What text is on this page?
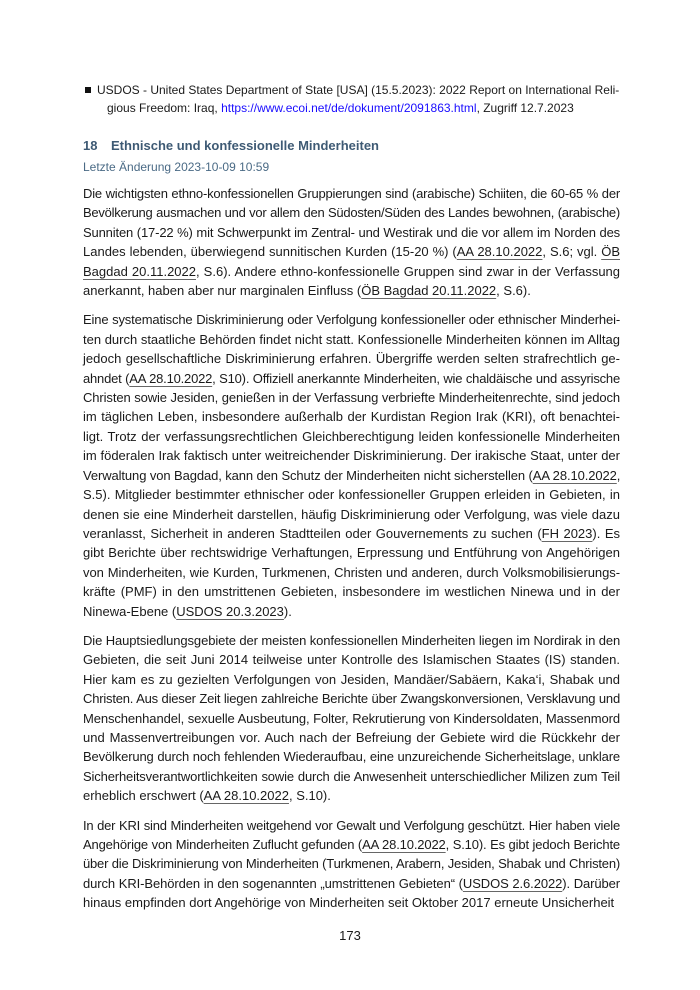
USDOS - United States Department of State [USA] (15.5.2023): 2022 Report on International Reli-
gious Freedom: Iraq, https://www.ecoi.net/de/dokument/2091863.html, Zugriff 12.7.2023
18 Ethnische und konfessionelle Minderheiten
Letzte Änderung 2023-10-09 10:59
Die wichtigsten ethno-konfessionellen Gruppierungen sind (arabische) Schiiten, die 60-65 % der
Bevölkerung ausmachen und vor allem den Südosten/Süden des Landes bewohnen, (arabische)
Sunniten (17-22 %) mit Schwerpunkt im Zentral- und Westirak und die vor allem im Norden des
Landes lebenden, überwiegend sunnitischen Kurden (15-20 %) (AA 28.10.2022, S.6; vgl. ÖB
Bagdad 20.11.2022, S.6). Andere ethno-konfessionelle Gruppen sind zwar in der Verfassung
anerkannt, haben aber nur marginalen Einfluss (ÖB Bagdad 20.11.2022, S.6).
Eine systematische Diskriminierung oder Verfolgung konfessioneller oder ethnischer Minderhei-
ten durch staatliche Behörden findet nicht statt. Konfessionelle Minderheiten können im Alltag
jedoch gesellschaftliche Diskriminierung erfahren. Übergriffe werden selten strafrechtlich ge-
ahndet (AA 28.10.2022, S10). Offiziell anerkannte Minderheiten, wie chaldäische und assyrische
Christen sowie Jesiden, genießen in der Verfassung verbriefte Minderheitenrechte, sind jedoch
im täglichen Leben, insbesondere außerhalb der Kurdistan Region Irak (KRI), oft benachtei-
ligt. Trotz der verfassungsrechtlichen Gleichberechtigung leiden konfessionelle Minderheiten
im föderalen Irak faktisch unter weitreichender Diskriminierung. Der irakische Staat, unter der
Verwaltung von Bagdad, kann den Schutz der Minderheiten nicht sicherstellen (AA 28.10.2022,
S.5). Mitglieder bestimmter ethnischer oder konfessioneller Gruppen erleiden in Gebieten, in
denen sie eine Minderheit darstellen, häufig Diskriminierung oder Verfolgung, was viele dazu
veranlasst, Sicherheit in anderen Stadtteilen oder Gouvernements zu suchen (FH 2023). Es
gibt Berichte über rechtswidrige Verhaftungen, Erpressung und Entführung von Angehörigen
von Minderheiten, wie Kurden, Turkmenen, Christen und anderen, durch Volksmobilisierungs-
kräfte (PMF) in den umstrittenen Gebieten, insbesondere im westlichen Ninewa und in der
Ninewa-Ebene (USDOS 20.3.2023).
Die Hauptsiedlungsgebiete der meisten konfessionellen Minderheiten liegen im Nordirak in den
Gebieten, die seit Juni 2014 teilweise unter Kontrolle des Islamischen Staates (IS) standen.
Hier kam es zu gezielten Verfolgungen von Jesiden, Mandäer/Sabäern, Kaka‘i, Shabak und
Christen. Aus dieser Zeit liegen zahlreiche Berichte über Zwangskonversionen, Versklavung und
Menschenhandel, sexuelle Ausbeutung, Folter, Rekrutierung von Kindersoldaten, Massenmord
und Massenvertreibungen vor. Auch nach der Befreiung der Gebiete wird die Rückkehr der
Bevölkerung durch noch fehlenden Wiederaufbau, eine unzureichende Sicherheitslage, unklare
Sicherheitsverantwortlichkeiten sowie durch die Anwesenheit unterschiedlicher Milizen zum Teil
erheblich erschwert (AA 28.10.2022, S.10).
In der KRI sind Minderheiten weitgehend vor Gewalt und Verfolgung geschützt. Hier haben viele
Angehörige von Minderheiten Zuflucht gefunden (AA 28.10.2022, S.10). Es gibt jedoch Berichte
über die Diskriminierung von Minderheiten (Turkmenen, Arabern, Jesiden, Shabak und Christen)
durch KRI-Behörden in den sogenannten „umstrittenen Gebieten“ (USDOS 2.6.2022). Darüber
hinaus empfinden dort Angehörige von Minderheiten seit Oktober 2017 erneute Unsicherheit
173
